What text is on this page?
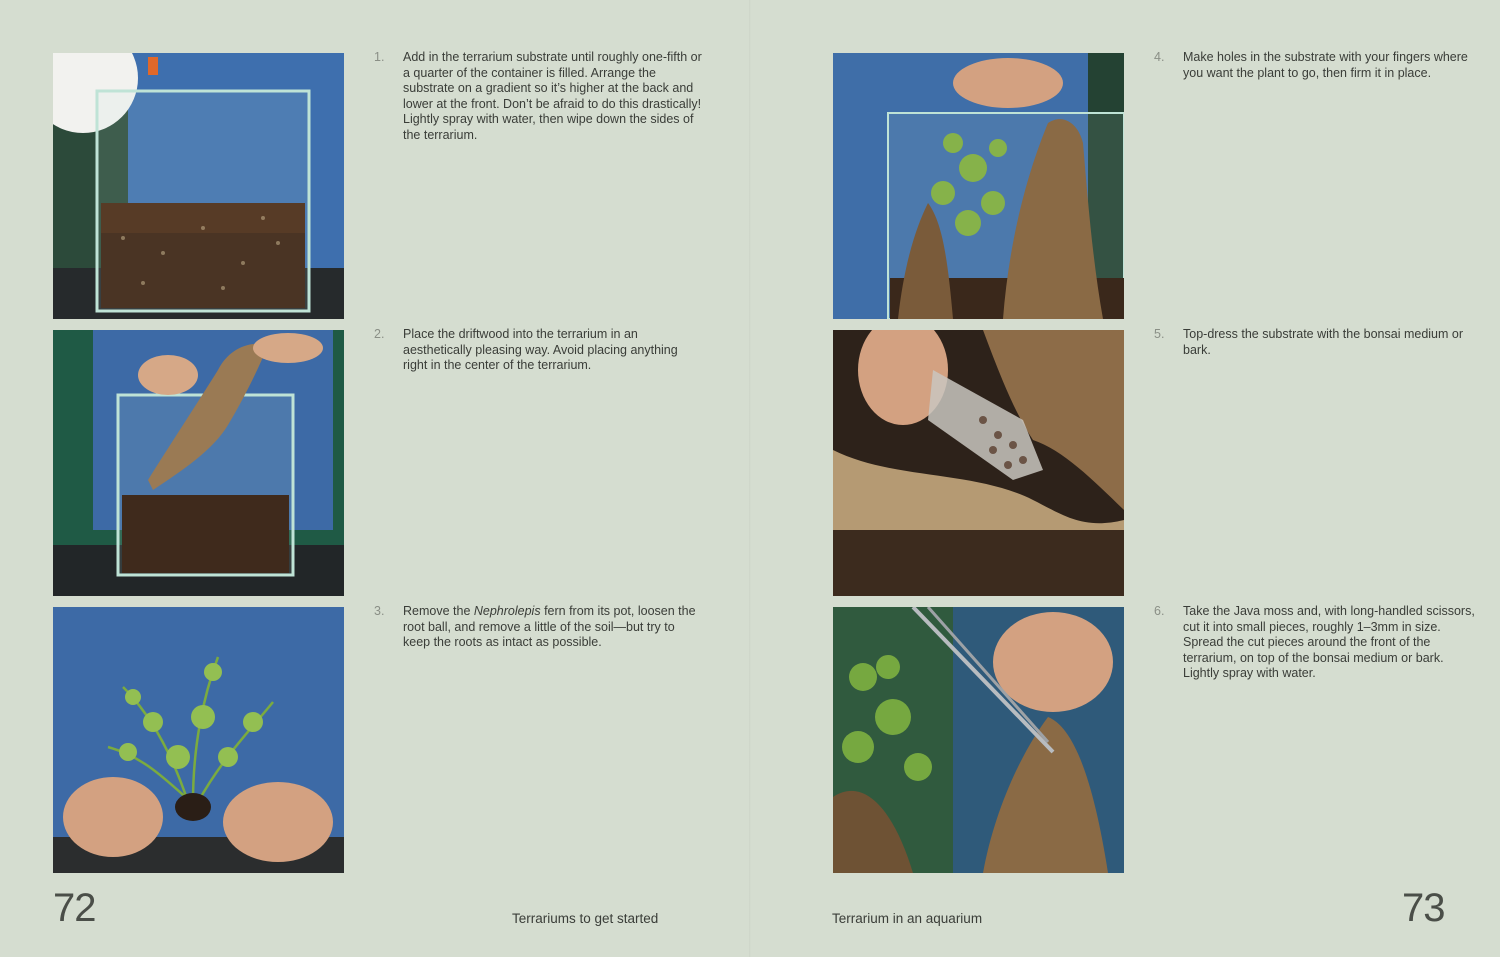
1. Add in the terrarium substrate until roughly one-fifth or a quarter of the container is filled. Arrange the substrate on a gradient so it’s higher at the back and lower at the front. Don’t be afraid to do this drastically! Lightly spray with water, then wipe down the sides of the terrarium.

2. Place the driftwood into the terrarium in an aesthetically pleasing way. Avoid placing anything right in the center of the terrarium.

3. Remove the Nephrolepis fern from its pot, loosen the root ball, and remove a little of the soil—but try to keep the roots as intact as possible.

72	Terrariums to get started
4. Make holes in the substrate with your fingers where you want the plant to go, then firm it in place.

5. Top-dress the substrate with the bonsai medium or bark.

6. Take the Java moss and, with long-handled scissors, cut it into small pieces, roughly 1–3mm in size. Spread the cut pieces around the front of the terrarium, on top of the bonsai medium or bark. Lightly spray with water.

Terrarium in an aquarium	73
